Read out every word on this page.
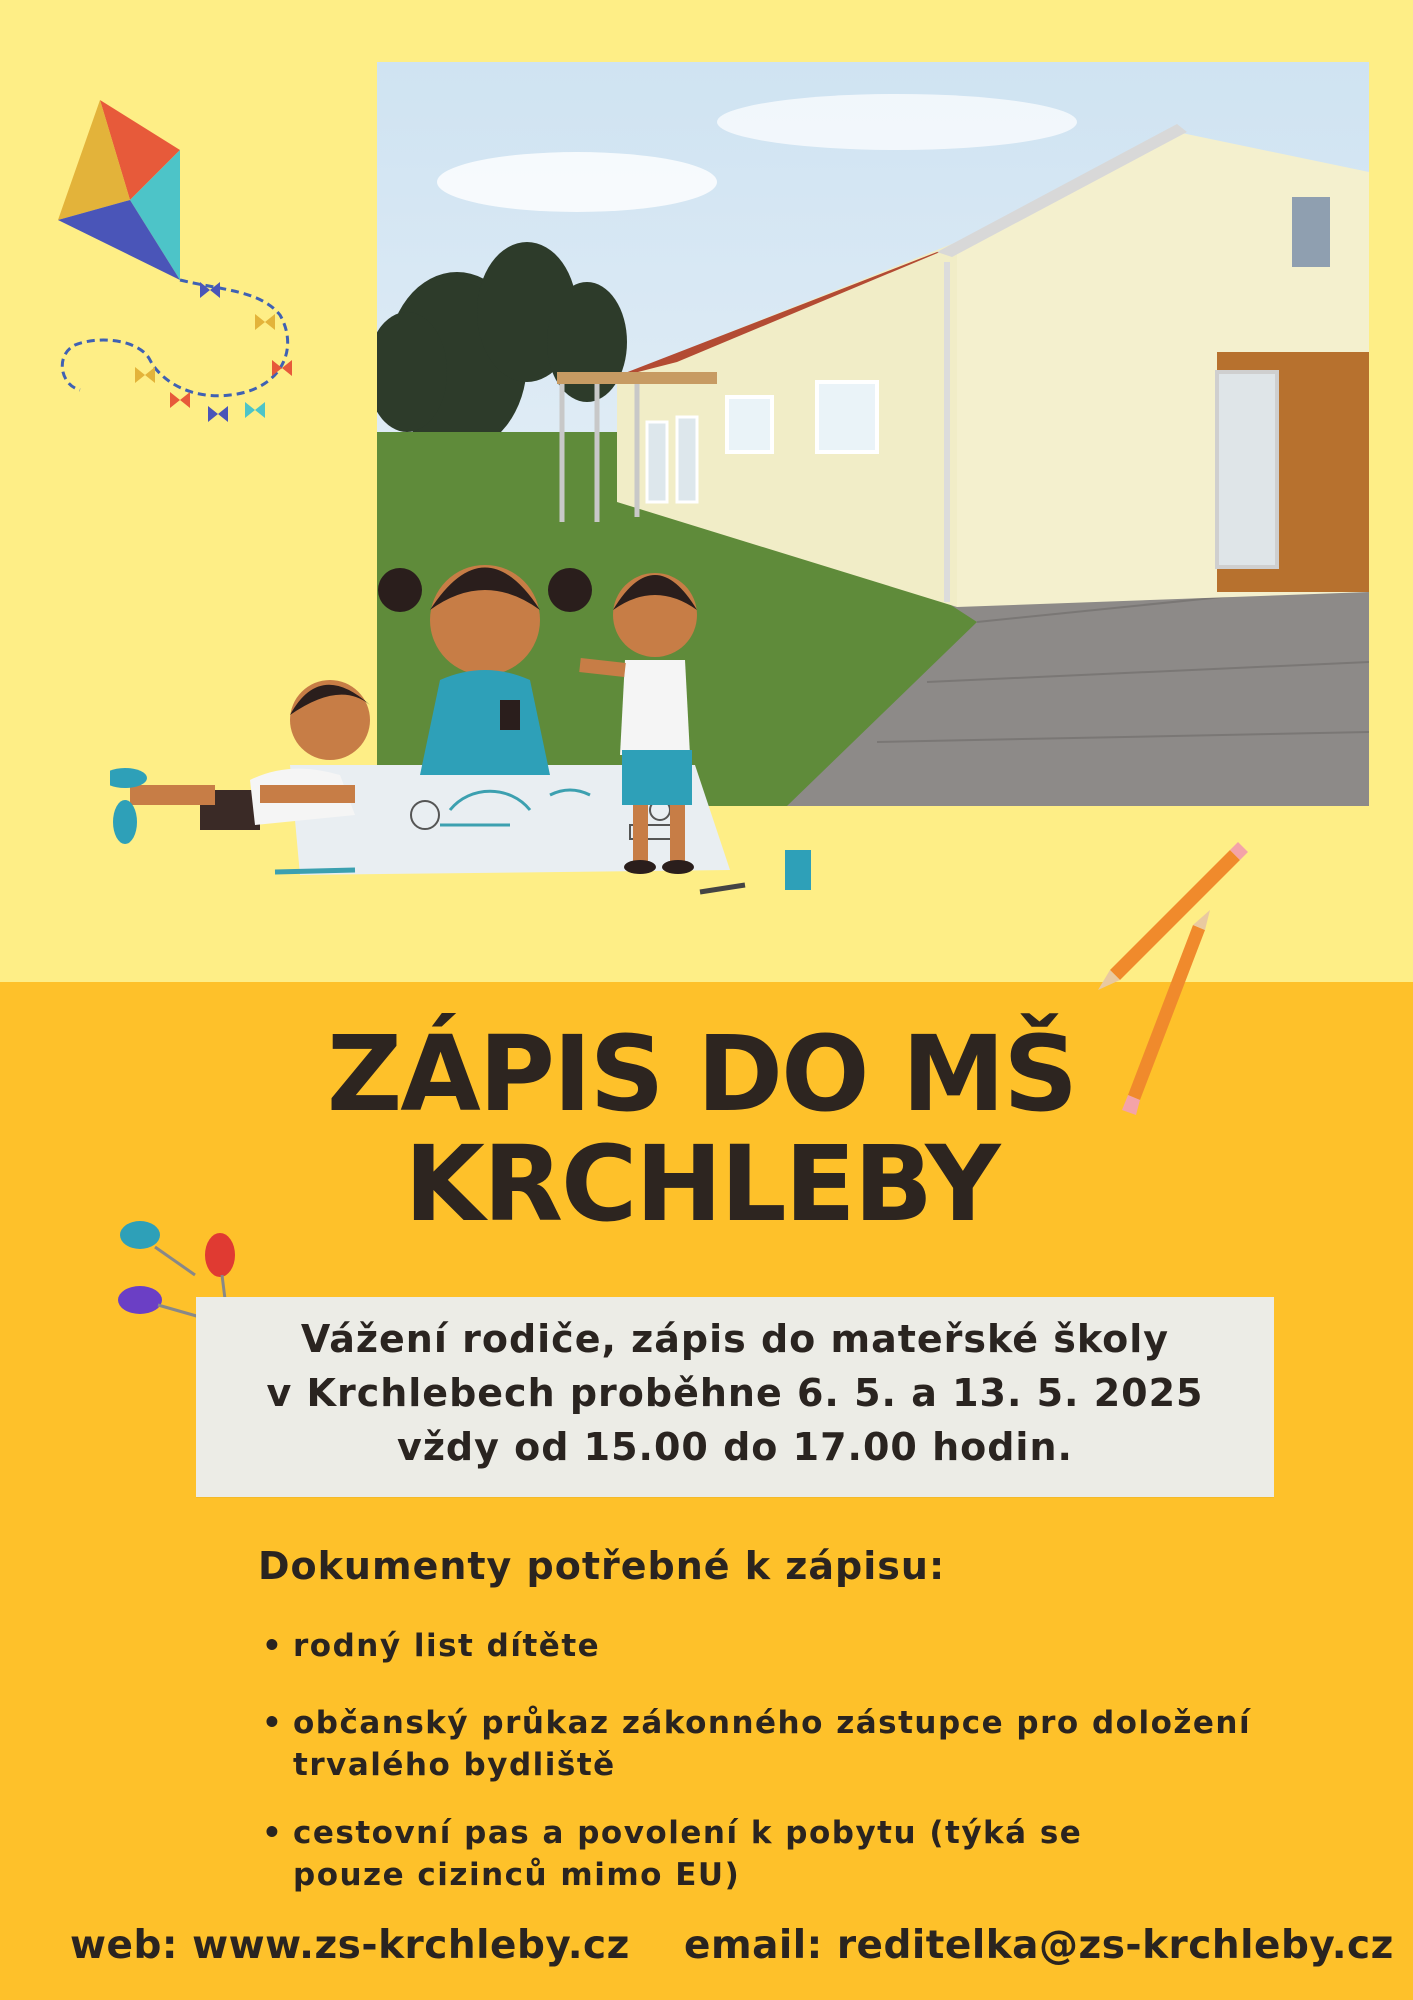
ZÁPIS DO MŠ
KRCHLEBY

Vážení rodiče, zápis do mateřské školy

v Krchlebech proběhne 6. 5. a 13. 5. 2025

vždy od 15.00 do 17.00 hodin.

Dokumenty potřebné k zápisu:
• rodný list dítěte
• občanský průkaz zákonného zástupce pro doložení
trvalého bydliště
• cestovní pas a povolení k pobytu (týká se
pouze cizinců mimo EU)
web: www.zs-krchleby.cz email: reditelka@zs-krchleby.cz
